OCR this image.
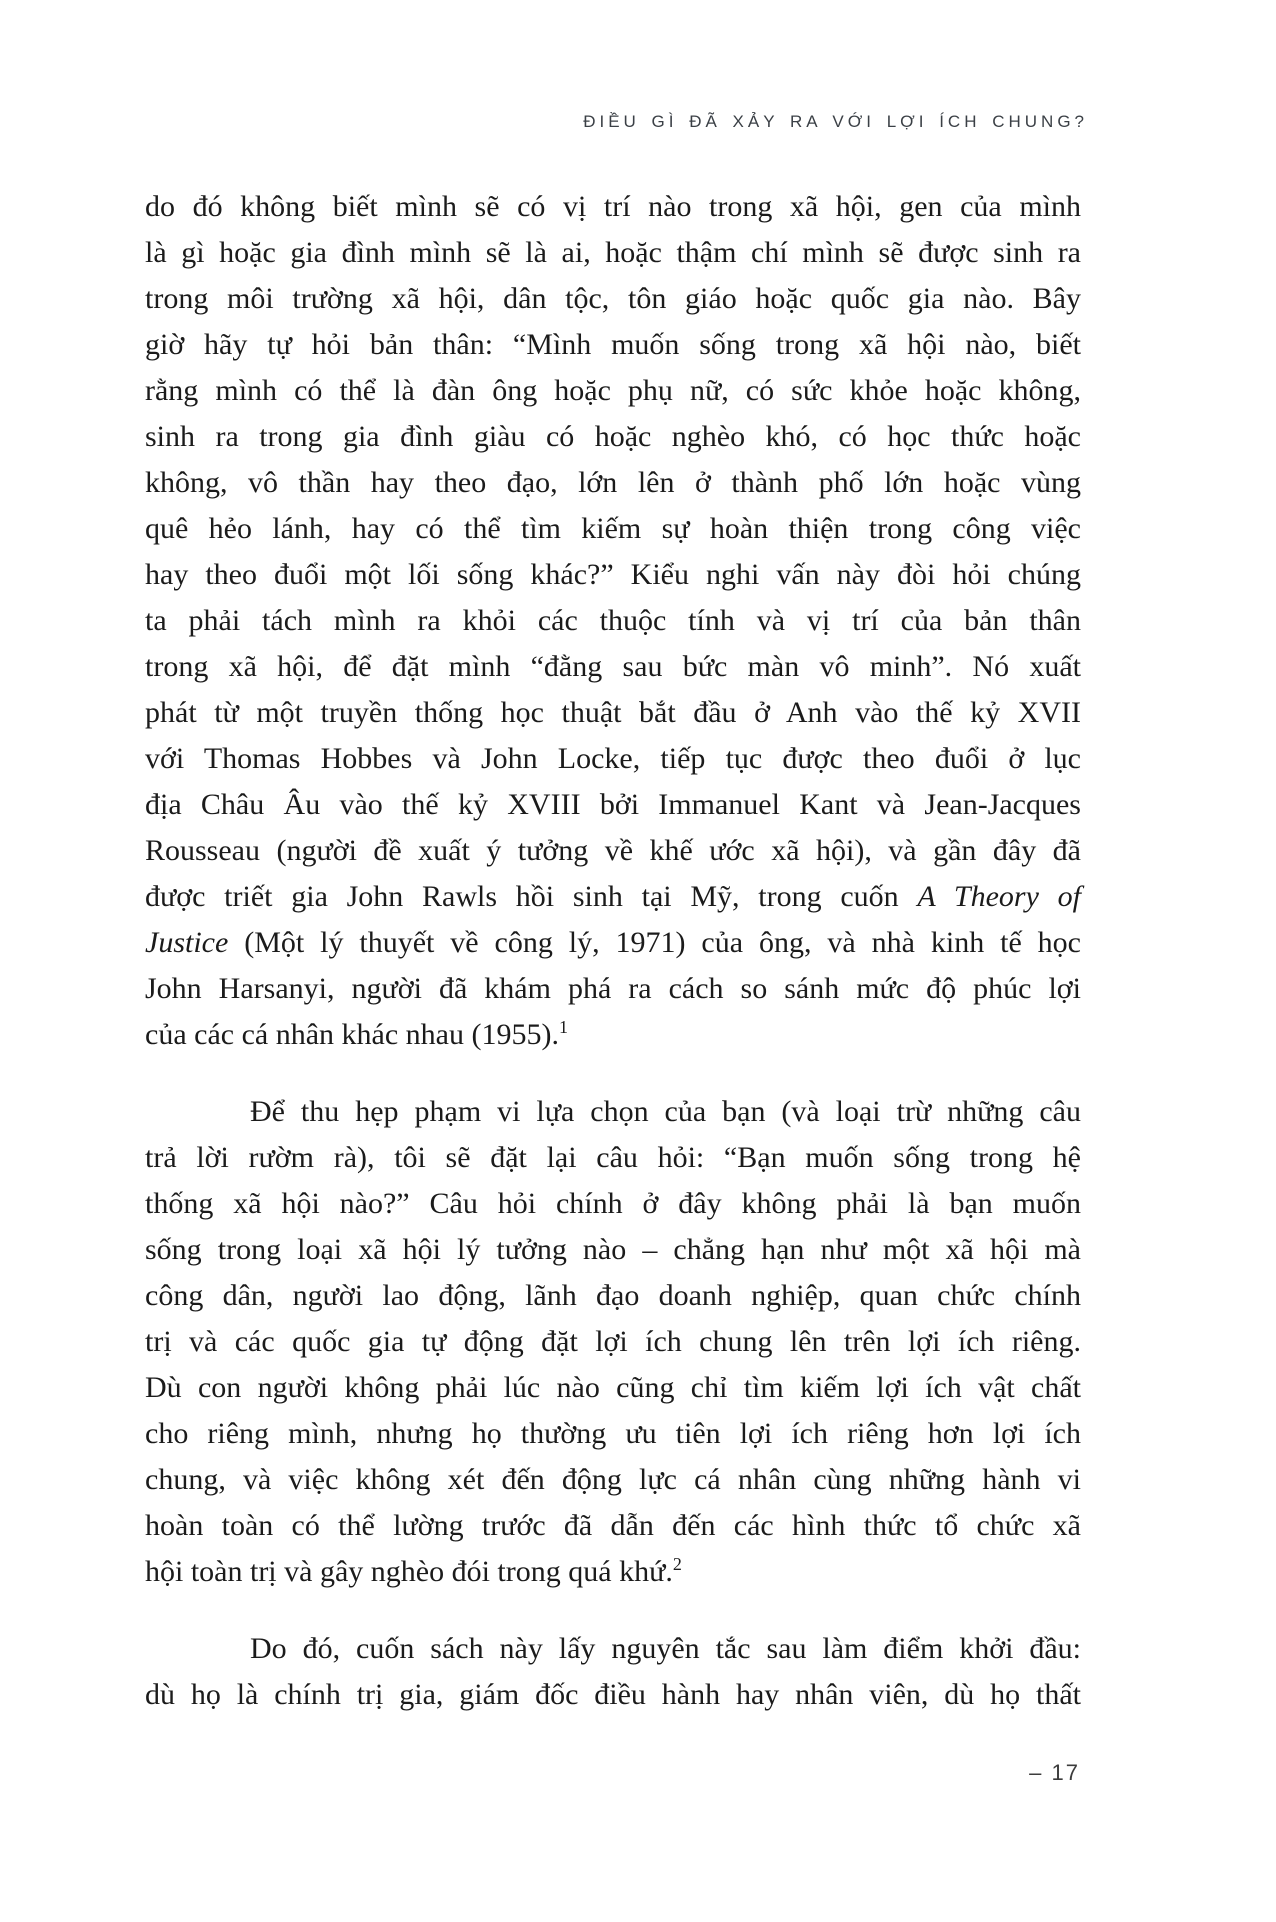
ĐIỀU GÌ ĐÃ XẢY RA VỚI LỢI ÍCH CHUNG?
do đó không biết mình sẽ có vị trí nào trong xã hội, gen của mình
là gì hoặc gia đình mình sẽ là ai, hoặc thậm chí mình sẽ được sinh ra
trong môi trường xã hội, dân tộc, tôn giáo hoặc quốc gia nào. Bây
giờ hãy tự hỏi bản thân: “Mình muốn sống trong xã hội nào, biết
rằng mình có thể là đàn ông hoặc phụ nữ, có sức khỏe hoặc không,
sinh ra trong gia đình giàu có hoặc nghèo khó, có học thức hoặc
không, vô thần hay theo đạo, lớn lên ở thành phố lớn hoặc vùng
quê hẻo lánh, hay có thể tìm kiếm sự hoàn thiện trong công việc
hay theo đuổi một lối sống khác?” Kiểu nghi vấn này đòi hỏi chúng
ta phải tách mình ra khỏi các thuộc tính và vị trí của bản thân
trong xã hội, để đặt mình “đằng sau bức màn vô minh”. Nó xuất
phát từ một truyền thống học thuật bắt đầu ở Anh vào thế kỷ XVII
với Thomas Hobbes và John Locke, tiếp tục được theo đuổi ở lục
địa Châu Âu vào thế kỷ XVIII bởi Immanuel Kant và Jean-Jacques
Rousseau (người đề xuất ý tưởng về khế ước xã hội), và gần đây đã
được triết gia John Rawls hồi sinh tại Mỹ, trong cuốn A Theory of
Justice (Một lý thuyết về công lý, 1971) của ông, và nhà kinh tế học
John Harsanyi, người đã khám phá ra cách so sánh mức độ phúc lợi
của các cá nhân khác nhau (1955).$^1$
Để thu hẹp phạm vi lựa chọn của bạn (và loại trừ những câu
trả lời rườm rà), tôi sẽ đặt lại câu hỏi: “Bạn muốn sống trong hệ
thống xã hội nào?” Câu hỏi chính ở đây không phải là bạn muốn
sống trong loại xã hội lý tưởng nào – chẳng hạn như một xã hội mà
công dân, người lao động, lãnh đạo doanh nghiệp, quan chức chính
trị và các quốc gia tự động đặt lợi ích chung lên trên lợi ích riêng.
Dù con người không phải lúc nào cũng chỉ tìm kiếm lợi ích vật chất
cho riêng mình, nhưng họ thường ưu tiên lợi ích riêng hơn lợi ích
chung, và việc không xét đến động lực cá nhân cùng những hành vi
hoàn toàn có thể lường trước đã dẫn đến các hình thức tổ chức xã
hội toàn trị và gây nghèo đói trong quá khứ.$^2$
Do đó, cuốn sách này lấy nguyên tắc sau làm điểm khởi đầu:
dù họ là chính trị gia, giám đốc điều hành hay nhân viên, dù họ thất
– 17
